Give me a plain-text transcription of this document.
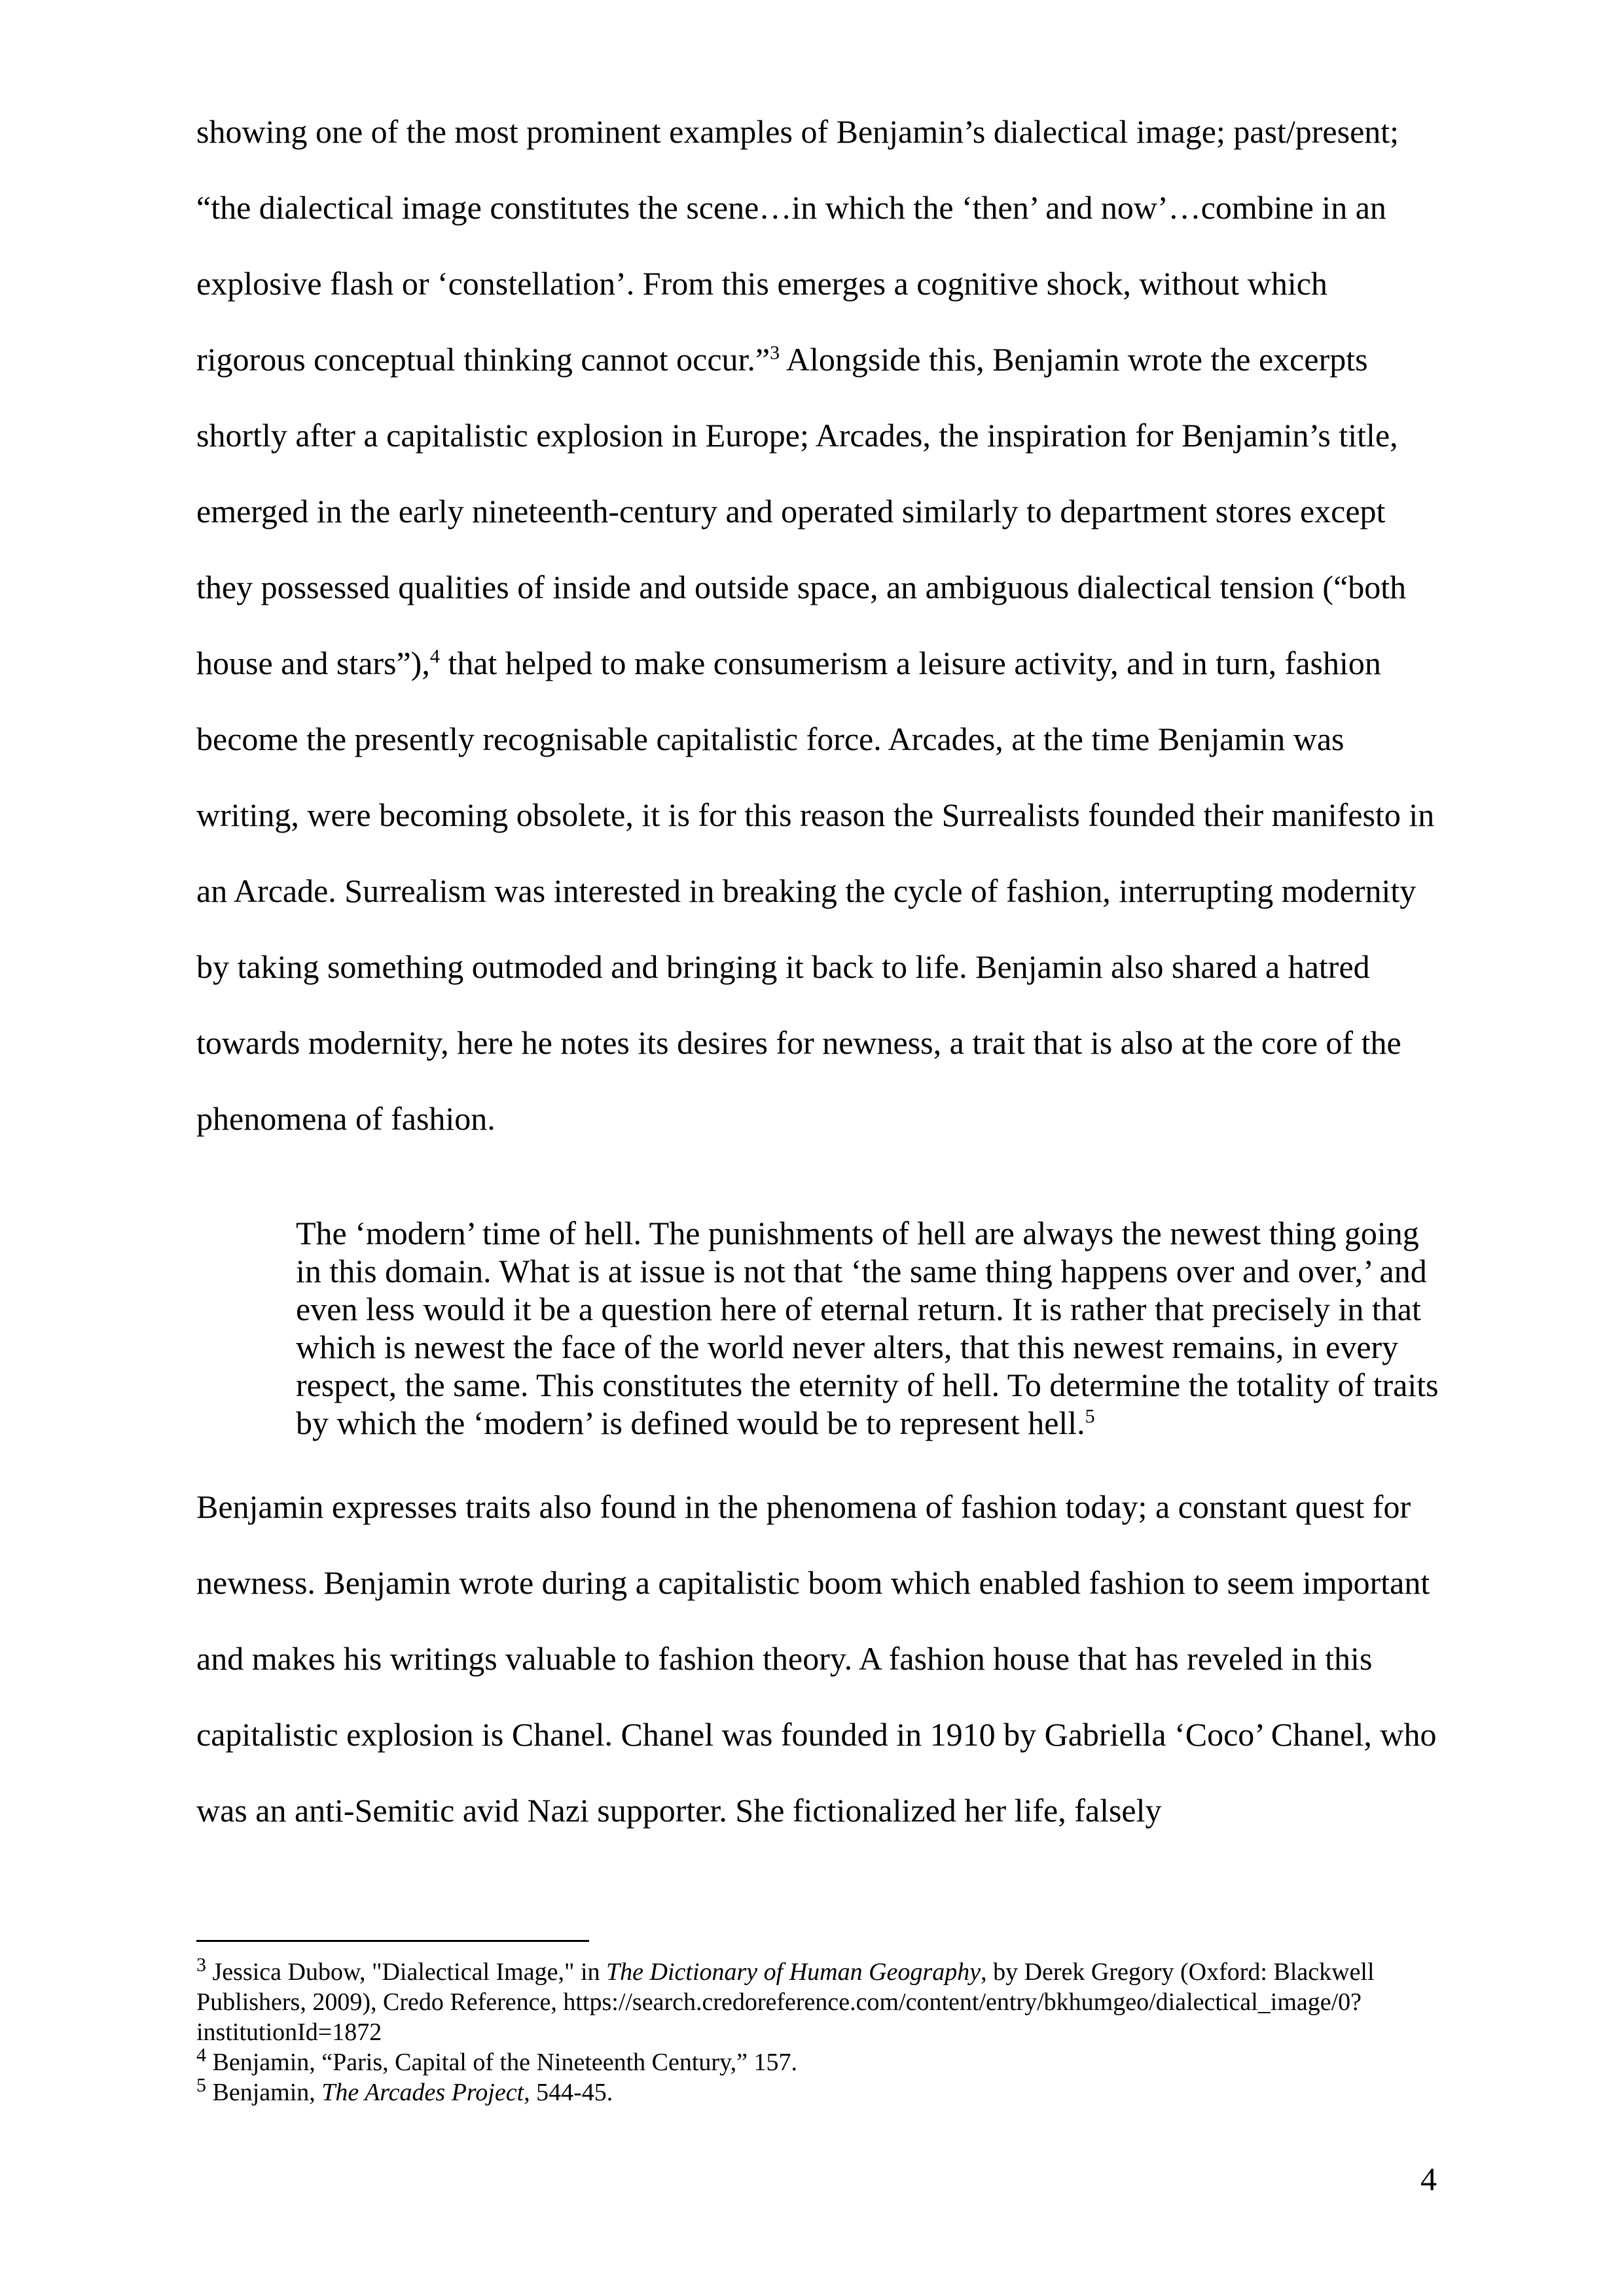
showing one of the most prominent examples of Benjamin’s dialectical image; past/present; “the dialectical image constitutes the scene…in which the ‘then’ and now’…combine in an explosive flash or ‘constellation’. From this emerges a cognitive shock, without which rigorous conceptual thinking cannot occur.”$^3$ Alongside this, Benjamin wrote the excerpts shortly after a capitalistic explosion in Europe; Arcades, the inspiration for Benjamin’s title, emerged in the early nineteenth-century and operated similarly to department stores except they possessed qualities of inside and outside space, an ambiguous dialectical tension (“both house and stars”),$^4$ that helped to make consumerism a leisure activity, and in turn, fashion become the presently recognisable capitalistic force. Arcades, at the time Benjamin was writing, were becoming obsolete, it is for this reason the Surrealists founded their manifesto in an Arcade. Surrealism was interested in breaking the cycle of fashion, interrupting modernity by taking something outmoded and bringing it back to life. Benjamin also shared a hatred towards modernity, here he notes its desires for newness, a trait that is also at the core of the phenomena of fashion.

The ‘modern’ time of hell. The punishments of hell are always the newest thing going in this domain. What is at issue is not that ‘the same thing happens over and over,’ and even less would it be a question here of eternal return. It is rather that precisely in that which is newest the face of the world never alters, that this newest remains, in every respect, the same. This constitutes the eternity of hell. To determine the totality of traits by which the ‘modern’ is defined would be to represent hell.$^5$

Benjamin expresses traits also found in the phenomena of fashion today; a constant quest for newness. Benjamin wrote during a capitalistic boom which enabled fashion to seem important and makes his writings valuable to fashion theory. A fashion house that has reveled in this capitalistic explosion is Chanel. Chanel was founded in 1910 by Gabriella ‘Coco’ Chanel, who was an anti-Semitic avid Nazi supporter. She fictionalized her life, falsely

$^3$ Jessica Dubow, "Dialectical Image," in The Dictionary of Human Geography, by Derek Gregory (Oxford: Blackwell Publishers, 2009), Credo Reference, https://search.credoreference.com/content/entry/bkhumgeo/dialectical_image/0?institutionId=1872

$^4$ Benjamin, “Paris, Capital of the Nineteenth Century,” 157.

$^5$ Benjamin, The Arcades Project, 544-45.

4
